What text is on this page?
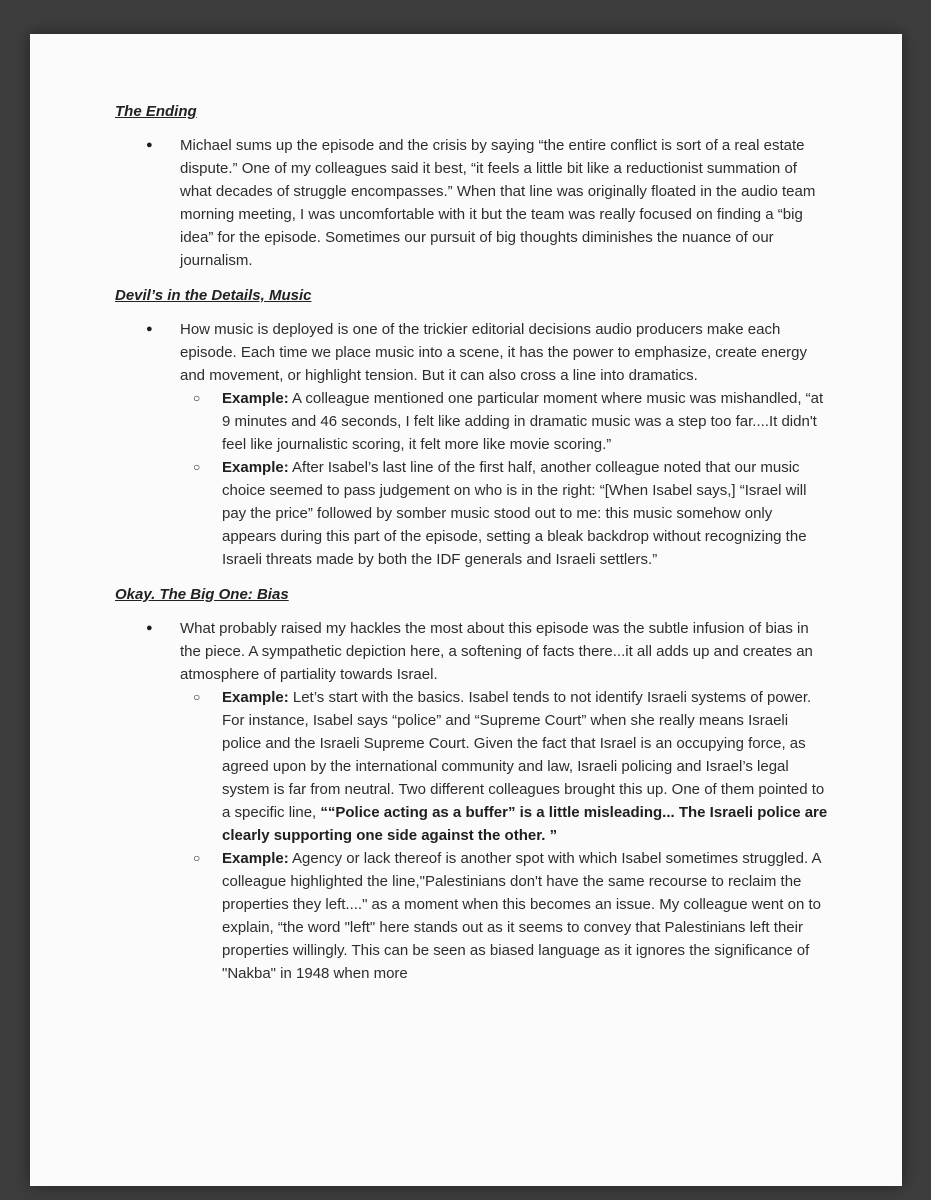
The Ending
● Michael sums up the episode and the crisis by saying “the entire conflict is sort of a real estate dispute.” One of my colleagues said it best, “it feels a little bit like a reductionist summation of what decades of struggle encompasses.” When that line was originally floated in the audio team morning meeting, I was uncomfortable with it but the team was really focused on finding a “big idea” for the episode. Sometimes our pursuit of big thoughts diminishes the nuance of our journalism.
Devil’s in the Details, Music
● How music is deployed is one of the trickier editorial decisions audio producers make each episode. Each time we place music into a scene, it has the power to emphasize, create energy and movement, or highlight tension. But it can also cross a line into dramatics.
○ Example: A colleague mentioned one particular moment where music was mishandled, “at 9 minutes and 46 seconds, I felt like adding in dramatic music was a step too far....It didn't feel like journalistic scoring, it felt more like movie scoring.”
○ Example: After Isabel’s last line of the first half, another colleague noted that our music choice seemed to pass judgement on who is in the right: “[When Isabel says,] “Israel will pay the price” followed by somber music stood out to me: this music somehow only appears during this part of the episode, setting a bleak backdrop without recognizing the Israeli threats made by both the IDF generals and Israeli settlers.”
Okay. The Big One: Bias
● What probably raised my hackles the most about this episode was the subtle infusion of bias in the piece. A sympathetic depiction here, a softening of facts there...it all adds up and creates an atmosphere of partiality towards Israel.
○ Example: Let’s start with the basics. Isabel tends to not identify Israeli systems of power. For instance, Isabel says “police” and “Supreme Court” when she really means Israeli police and the Israeli Supreme Court. Given the fact that Israel is an occupying force, as agreed upon by the international community and law, Israeli policing and Israel’s legal system is far from neutral. Two different colleagues brought this up. One of them pointed to a specific line, ““Police acting as a buffer” is a little misleading... The Israeli police are clearly supporting one side against the other. ”
○ Example: Agency or lack thereof is another spot with which Isabel sometimes struggled. A colleague highlighted the line,"Palestinians don't have the same recourse to reclaim the properties they left...." as a moment when this becomes an issue. My colleague went on to explain, “the word "left" here stands out as it seems to convey that Palestinians left their properties willingly. This can be seen as biased language as it ignores the significance of "Nakba" in 1948 when more
